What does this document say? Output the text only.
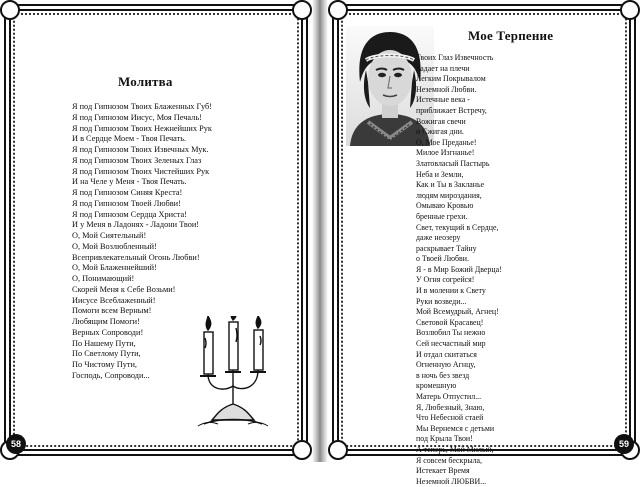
Молитва
Я под Гипнозом Твоих Блаженных Губ!
Я под Гипнозом Иисус, Моя Печаль!
Я под Гипнозом Твоих Нежнейших Рук
И в Сердце Моем - Твоя Печать.
Я под Гипнозом Твоих Извечных Мук.
Я под Гипнозом Твоих Зеленых Глаз
Я под Гипнозом Твоих Чистейших Рук
И на Челе у Меня - Твоя Печать.
Я под Гипнозом Синяя Креста!
Я под Гипнозом Твоей Любви!
Я под Гипнозом Сердца Христа!
И у Меня в Ладонях - Ладони Твои!
О, Мой Сиятельный!
О, Мой Возлюбленный!
Всепривлекательный Огонь Любви!
О, Мой Блаженнейший!
О, Понимающий!
Скорей Меня к Себе Возьми!
Иисусе Всеблаженный!
Помоги всем Верным!
Любящим Помоги!
Верных Сопроводи!
По Нашему Пути,
По Светлому Пути,
По Чистому Пути,
Господь, Сопроводи...
58
Мое Терпение
Твоих Глаз Извечность
падает на плечи
Легким Покрывалом
Неземной Любви.
Истечные века -
приближает Встречу,
Вожигая свечи
и Сжигая дни.
О, Мое Преданье!
Милое Изгнанье!
Златовласый Пастырь
Неба и Земли,
Как и Ты в Закланье
людям мироздания,
Омываю Кровью
бренные грехи.
Свет, текущий в Сердце,
даже неозеру
раскрывает Тайну
о Твоей Любви.
Я - в Мир Божий Дверца!
У Огня согрейся!
И в молении к Свету
Руки возведи...
Мой Всемудрый, Агнец!
Световой Красавец!
Возлюбил Ты нежно
Сей несчастный мир
И отдал скитаться
Огненную Агнцу,
в ночь без звезд
кромешную
Матерь Отпустил...
Я, Любезный, Знаю,
Что Небесной стаей
Мы Вернемся с детьми
под Крыла Твои!
А теперь, Мой Милый,
Я совсем бескрыла,
Истекает Время
Неземной ЛЮБВИ...
59
